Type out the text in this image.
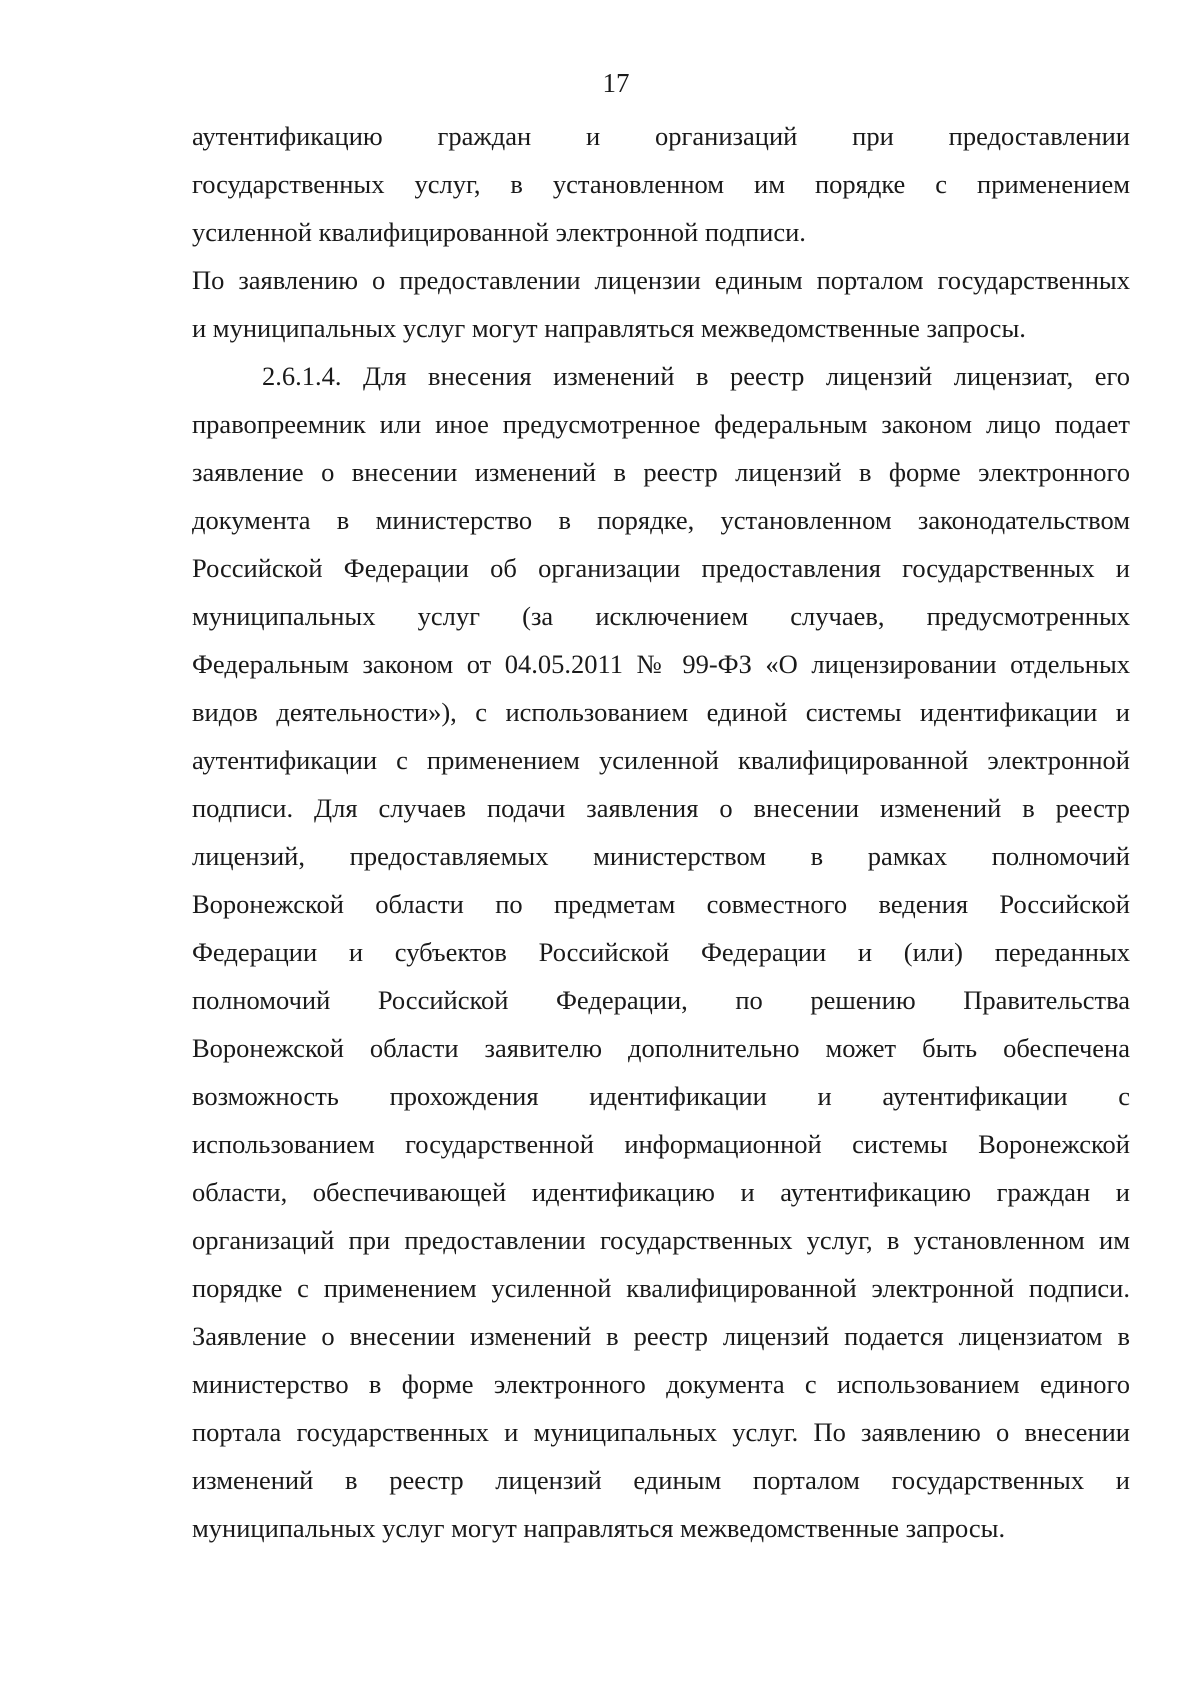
17
аутентификацию граждан и организаций при предоставлении
государственных услуг, в установленном им порядке с применением
усиленной квалифицированной электронной подписи.
По заявлению о предоставлении лицензии единым порталом государственных
и муниципальных услуг могут направляться межведомственные запросы.
2.6.1.4. Для внесения изменений в реестр лицензий лицензиат, его
правопреемник или иное предусмотренное федеральным законом лицо подает
заявление о внесении изменений в реестр лицензий в форме электронного
документа в министерство в порядке, установленном законодательством
Российской Федерации об организации предоставления государственных и
муниципальных услуг (за исключением случаев, предусмотренных
Федеральным законом от 04.05.2011 № 99-ФЗ «О лицензировании отдельных
видов деятельности»), с использованием единой системы идентификации и
аутентификации с применением усиленной квалифицированной электронной
подписи. Для случаев подачи заявления о внесении изменений в реестр
лицензий, предоставляемых министерством в рамках полномочий
Воронежской области по предметам совместного ведения Российской
Федерации и субъектов Российской Федерации и (или) переданных
полномочий Российской Федерации, по решению Правительства
Воронежской области заявителю дополнительно может быть обеспечена
возможность прохождения идентификации и аутентификации с
использованием государственной информационной системы Воронежской
области, обеспечивающей идентификацию и аутентификацию граждан и
организаций при предоставлении государственных услуг, в установленном им
порядке с применением усиленной квалифицированной электронной подписи.
Заявление о внесении изменений в реестр лицензий подается лицензиатом в
министерство в форме электронного документа с использованием единого
портала государственных и муниципальных услуг. По заявлению о внесении
изменений в реестр лицензий единым порталом государственных и
муниципальных услуг могут направляться межведомственные запросы.
